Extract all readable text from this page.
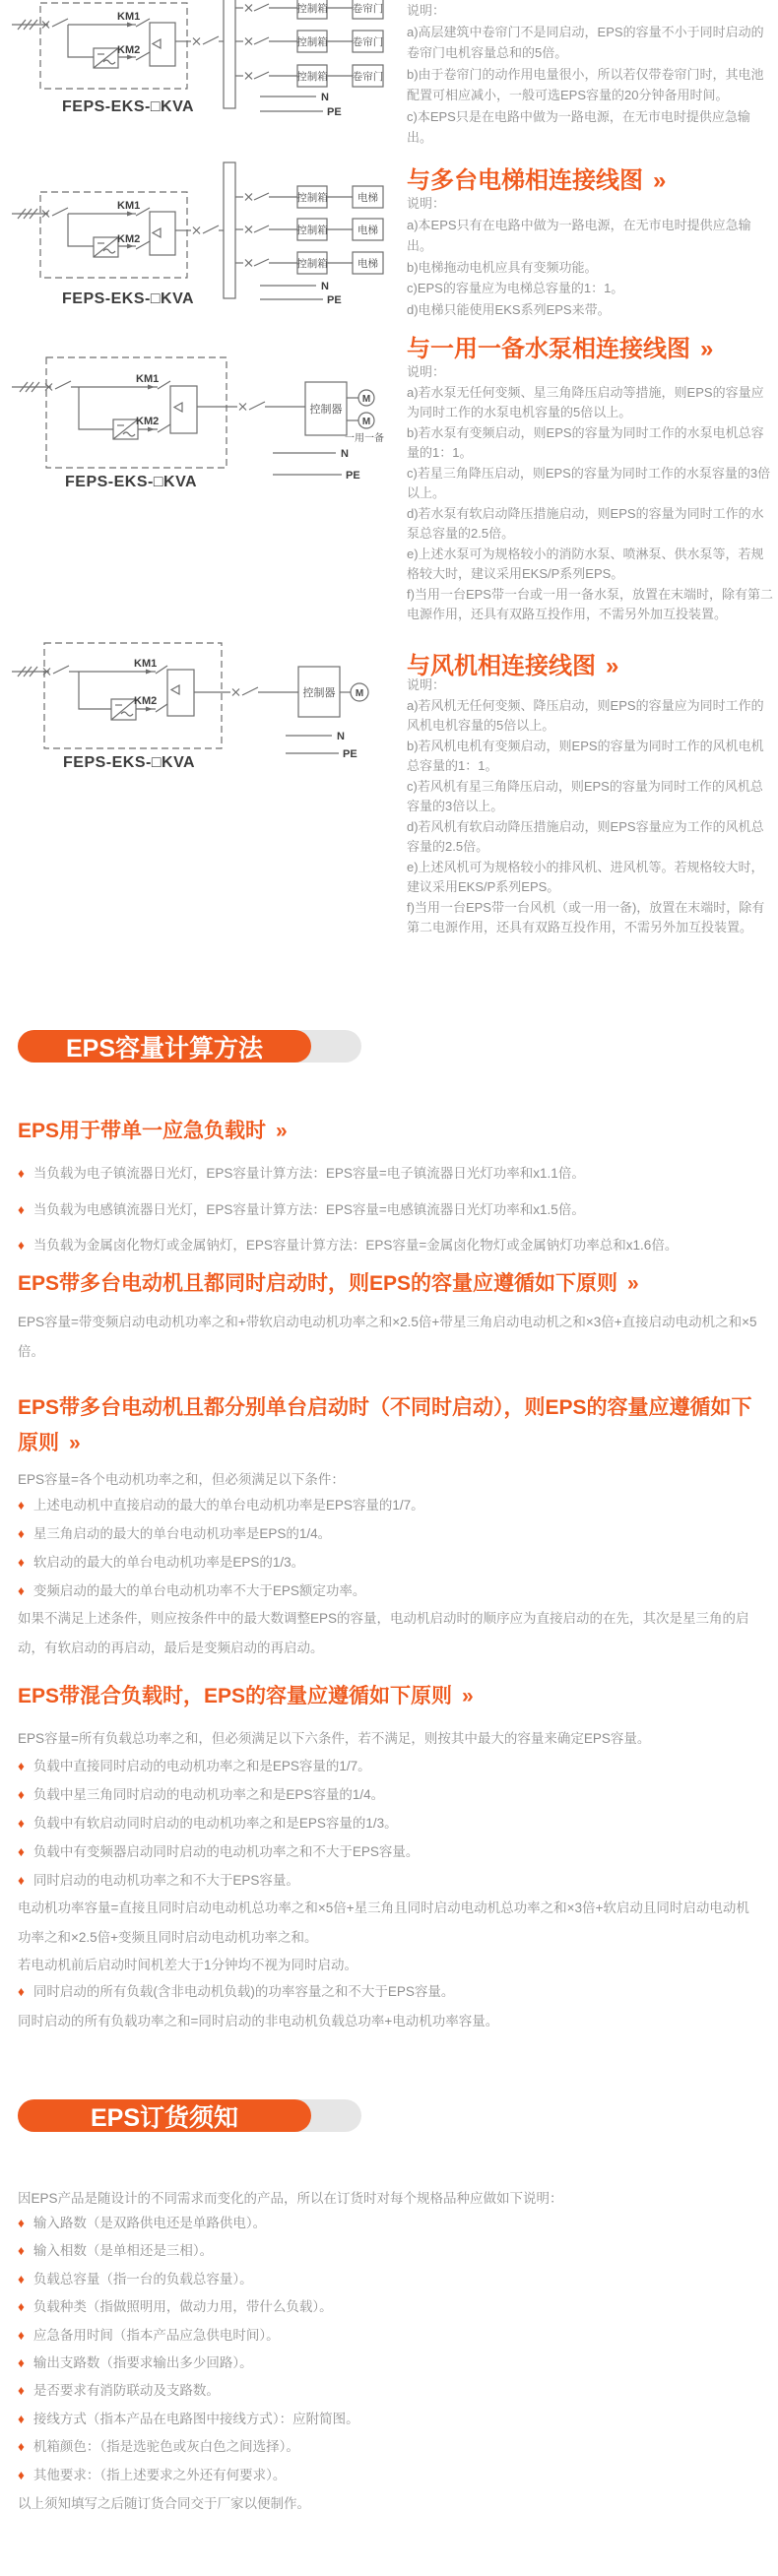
KM1
KM2
FEPS-EKS-□KVA
控制箱 卷帘门
控制箱 卷帘门
控制箱 卷帘门
N
PE
KM1
KM2
FEPS-EKS-□KVA
控制箱	电梯
控制箱	电梯
控制箱	电梯
N
PE
KM1
KM2
FEPS-EKS-□KVA
控制器
M
M
一用一备
N
PE
KM1
KM2
FEPS-EKS-□KVA
控制器 M
N
PE

说明：

a)高层建筑中卷帘门不是同启动，EPS的容量不小于同时启动的卷帘门电机容量总和的5倍。

b)由于卷帘门的动作用电量很小，所以若仅带卷帘门时，其电池配置可相应减小，一般可选EPS容量的20分钟备用时间。

c)本EPS只是在电路中做为一路电源，在无市电时提供应急输出。

与多台电梯相连接线图 »

说明：

a)本EPS只有在电路中做为一路电源，在无市电时提供应急输出。

b)电梯拖动电机应具有变频功能。

c)EPS的容量应为电梯总容量的1：1。

d)电梯只能使用EKS系列EPS来带。

与一用一备水泵相连接线图 »

说明：

a)若水泵无任何变频、星三角降压启动等措施，则EPS的容量应为同时工作的水泵电机容量的5倍以上。

b)若水泵有变频启动，则EPS的容量为同时工作的水泵电机总容量的1：1。

c)若星三角降压启动，则EPS的容量为同时工作的水泵容量的3倍以上。

d)若水泵有软启动降压措施启动，则EPS的容量为同时工作的水泵总容量的2.5倍。

e)上述水泵可为规格较小的消防水泵、喷淋泵、供水泵等，若规格较大时，建议采用EKS/P系列EPS。

f)当用一台EPS带一台或一用一备水泵，放置在末端时，除有第二电源作用，还具有双路互投作用，不需另外加互投装置。

与风机相连接线图 »

说明：

a)若风机无任何变频、降压启动，则EPS的容量应为同时工作的风机电机容量的5倍以上。

b)若风机电机有变频启动，则EPS的容量为同时工作的风机电机总容量的1：1。

c)若风机有星三角降压启动，则EPS的容量为同时工作的风机总容量的3倍以上。

d)若风机有软启动降压措施启动，则EPS容量应为工作的风机总容量的2.5倍。

e)上述风机可为规格较小的排风机、进风机等。若规格较大时，建议采用EKS/P系列EPS。

f)当用一台EPS带一台风机（或一用一备)，放置在末端时，除有第二电源作用，还具有双路互投作用，不需另外加互投装置。

EPS容量计算方法
EPS用于带单一应急负载时 »
♦ 当负载为电子镇流器日光灯，EPS容量计算方法：EPS容量=电子镇流器日光灯功率和x1.1倍。
♦ 当负载为电感镇流器日光灯，EPS容量计算方法：EPS容量=电感镇流器日光灯功率和x1.5倍。
♦ 当负载为金属卤化物灯或金属钠灯，EPS容量计算方法：EPS容量=金属卤化物灯或金属钠灯功率总和x1.6倍。
EPS带多台电动机且都同时启动时，则EPS的容量应遵循如下原则 »

EPS容量=带变频启动电动机功率之和+带软启动电动机功率之和×2.5倍+带星三角启动电动机之和×3倍+直接启动电动机之和×5倍。

EPS带多台电动机且都分别单台启动时（不同时启动），则EPS的容量应遵循如下原则 »

EPS容量=各个电动机功率之和，但必须满足以下条件：

♦ 上述电动机中直接启动的最大的单台电动机功率是EPS容量的1/7。
♦ 星三角启动的最大的单台电动机功率是EPS的1/4。
♦ 软启动的最大的单台电动机功率是EPS的1/3。
♦ 变频启动的最大的单台电动机功率不大于EPS额定功率。

如果不满足上述条件，则应按条件中的最大数调整EPS的容量，电动机启动时的顺序应为直接启动的在先，其次是星三角的启动，有软启动的再启动，最后是变频启动的再启动。

EPS带混合负载时，EPS的容量应遵循如下原则 »

EPS容量=所有负载总功率之和，但必须满足以下六条件，若不满足，则按其中最大的容量来确定EPS容量。

♦ 负载中直接同时启动的电动机功率之和是EPS容量的1/7。
♦ 负载中星三角同时启动的电动机功率之和是EPS容量的1/4。
♦ 负载中有软启动同时启动的电动机功率之和是EPS容量的1/3。
♦ 负载中有变频器启动同时启动的电动机功率之和不大于EPS容量。
♦ 同时启动的电动机功率之和不大于EPS容量。

电动机功率容量=直接且同时启动电动机总功率之和×5倍+星三角且同时启动电动机总功率之和×3倍+软启动且同时启动电动机功率之和×2.5倍+变频且同时启动电动机功率之和。

若电动机前后启动时间机差大于1分钟均不视为同时启动。

♦ 同时启动的所有负载(含非电动机负载)的功率容量之和不大于EPS容量。

同时启动的所有负载功率之和=同时启动的非电动机负载总功率+电动机功率容量。

EPS订货须知

因EPS产品是随设计的不同需求而变化的产品，所以在订货时对每个规格品种应做如下说明：

♦ 输入路数（是双路供电还是单路供电）。
♦ 输入相数（是单相还是三相）。
♦ 负载总容量（指一台的负载总容量）。
♦ 负载种类（指做照明用，做动力用，带什么负载）。
♦ 应急备用时间（指本产品应急供电时间）。
♦ 输出支路数（指要求输出多少回路）。
♦ 是否要求有消防联动及支路数。
♦ 接线方式（指本产品在电路图中接线方式）：应附简图。
♦ 机箱颜色：（指是选驼色或灰白色之间选择）。
♦ 其他要求：（指上述要求之外还有何要求）。

以上须知填写之后随订货合同交于厂家以便制作。
